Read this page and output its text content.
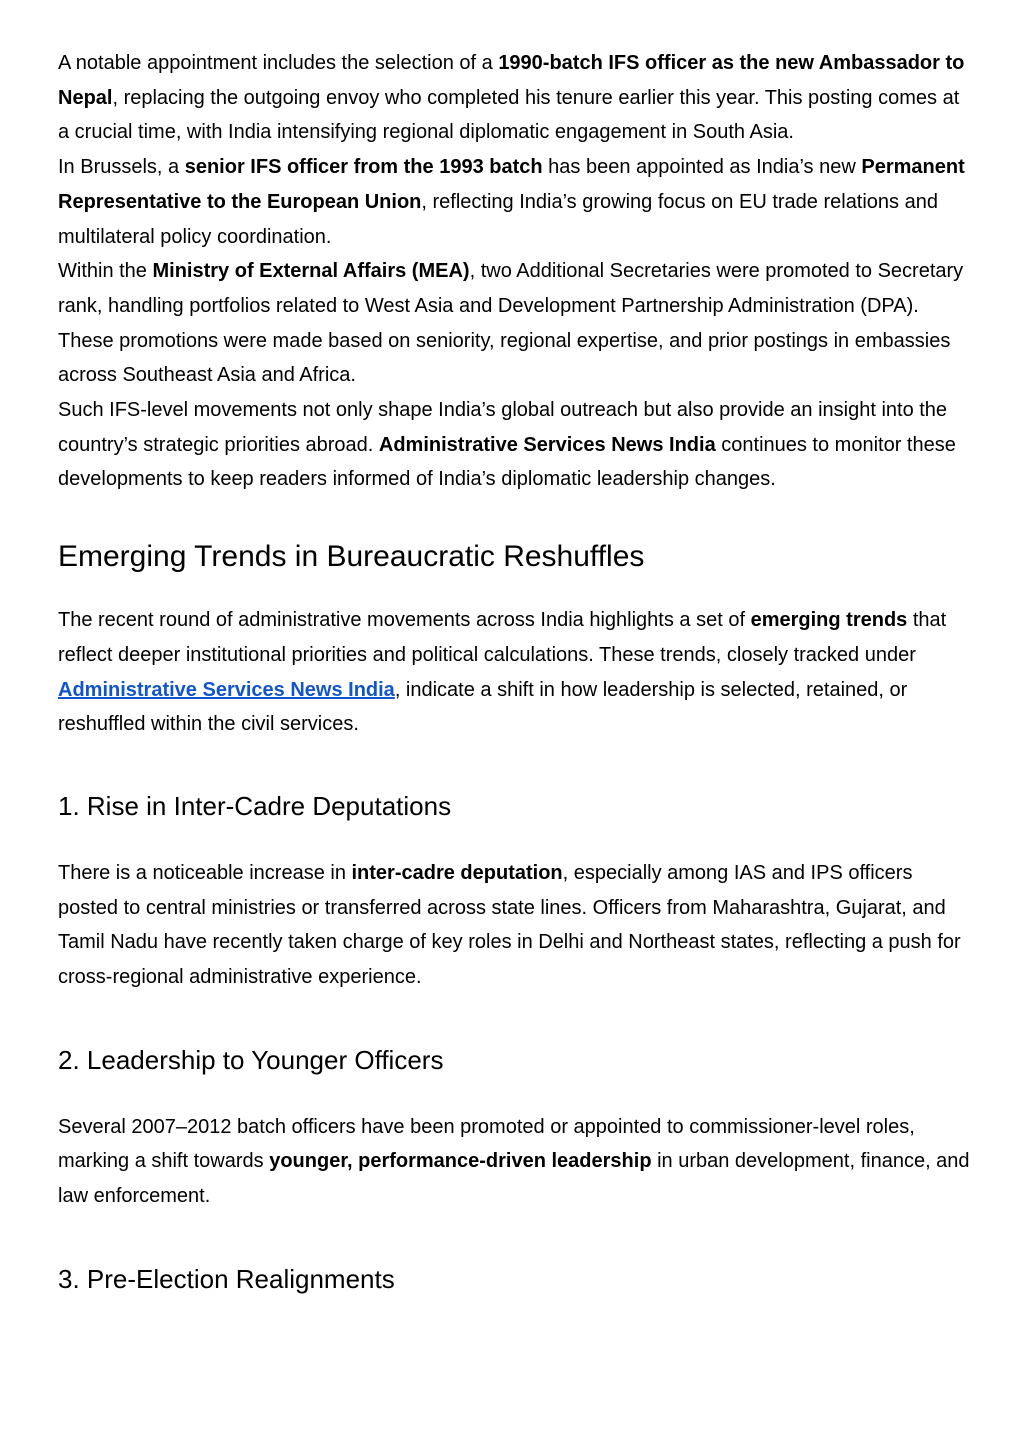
A notable appointment includes the selection of a 1990-batch IFS officer as the new Ambassador to Nepal, replacing the outgoing envoy who completed his tenure earlier this year. This posting comes at a crucial time, with India intensifying regional diplomatic engagement in South Asia.

In Brussels, a senior IFS officer from the 1993 batch has been appointed as India’s new Permanent Representative to the European Union, reflecting India’s growing focus on EU trade relations and multilateral policy coordination.

Within the Ministry of External Affairs (MEA), two Additional Secretaries were promoted to Secretary rank, handling portfolios related to West Asia and Development Partnership Administration (DPA). These promotions were made based on seniority, regional expertise, and prior postings in embassies across Southeast Asia and Africa.

Such IFS-level movements not only shape India’s global outreach but also provide an insight into the country’s strategic priorities abroad. Administrative Services News India continues to monitor these developments to keep readers informed of India’s diplomatic leadership changes.

Emerging Trends in Bureaucratic Reshuffles

The recent round of administrative movements across India highlights a set of emerging trends that reflect deeper institutional priorities and political calculations. These trends, closely tracked under Administrative Services News India, indicate a shift in how leadership is selected, retained, or reshuffled within the civil services.

1. Rise in Inter-Cadre Deputations

There is a noticeable increase in inter-cadre deputation, especially among IAS and IPS officers posted to central ministries or transferred across state lines. Officers from Maharashtra, Gujarat, and Tamil Nadu have recently taken charge of key roles in Delhi and Northeast states, reflecting a push for cross-regional administrative experience.

2. Leadership to Younger Officers

Several 2007–2012 batch officers have been promoted or appointed to commissioner-level roles, marking a shift towards younger, performance-driven leadership in urban development, finance, and law enforcement.

3. Pre-Election Realignments
